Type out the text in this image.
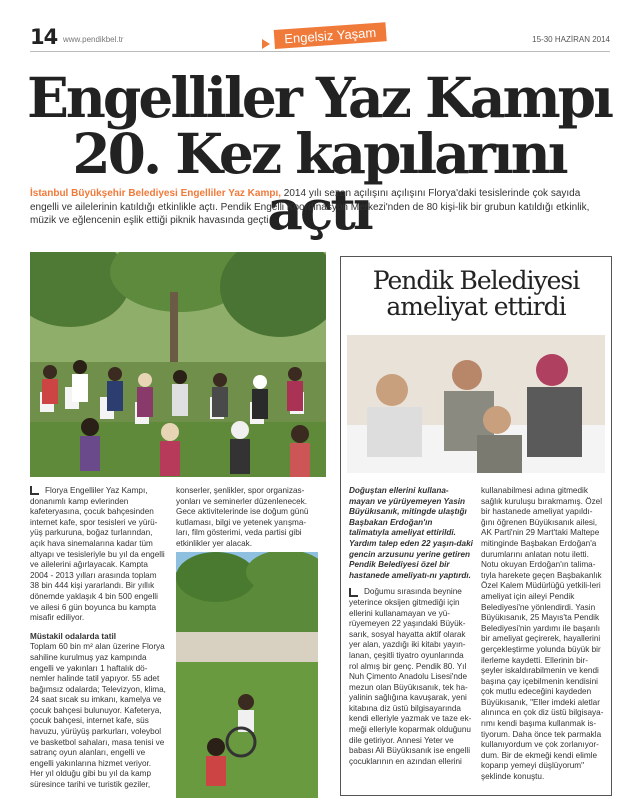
14 www.pendikbel.tr	Engelsiz Yaşam	15-30 HAZİRAN 2014
Engelliler Yaz Kampı
20. Kez kapılarını açtı
İstanbul Büyükşehir Belediyesi Engelliler Yaz Kampı, 2014 yılı sezon açılışını açılışını Florya'daki tesislerinde çok sayıda engelli ve ailelerinin katıldığı etkinlikle açtı. Pendik Engelli Koordinasyon Merkezi'nden de 80 kişi-lik bir grubun katıldığı etkinlik, müzik ve eğlencenin eşlik ettiği piknik havasında geçti.
Pendik Belediyesi
ameliyat ettirdi

Florya Engelliler Yaz Kampı, donanımlı kamp evlerinden kafeteryasına, çocuk bahçesinden internet kafe, spor tesisleri ve yürü-yüş parkuruna, boğaz turlarından, açık hava sinemalarına kadar tüm altyapı ve tesisleriyle bu yıl da engelli ve ailelerini ağırlayacak. Kampta 2004 - 2013 yılları arasında toplam 38 bin 444 kişi yararlandı. Bir yıllık dönemde yaklaşık 4 bin 500 engelli ve ailesi 6 gün boyunca bu kampta misafir ediliyor.

Müstakil odalarda tatil

Toplam 60 bin m² alan üzerine Florya sahiline kurulmuş yaz kampında engelli ve yakınları 1 haftalık dö-nemler halinde tatil yapıyor. 55 adet bağımsız odalarda; Televizyon, klima, 24 saat sıcak su imkanı, kamelya ve çocuk bahçesi bulunuyor. Kafeterya, çocuk bahçesi, internet kafe, süs havuzu, yürüyüş parkurları, voleybol ve basketbol sahaları, masa tenisi ve satranç oyun alanları, engelli ve engelli yakınlarına hizmet veriyor. Her yıl olduğu gibi bu yıl da kamp süresince tarihi ve turistik geziler,

konserler, şenlikler, spor organizas-yonları ve seminerler düzenlenecek. Gece aktivitelerinde ise doğum günü kutlaması, bilgi ve yetenek yarışma-ları, film gösterimi, veda partisi gibi etkinlikler yer alacak.

Doğuştan ellerini kullana-mayan ve yürüyemeyen Yasin Büyükısanık, mitingde ulaştığı Başbakan Erdoğan'ın talimatıyla ameliyat ettirildi. Yardım talep eden 22 yaşın-daki gencin arzusunu yerine getiren Pendik Belediyesi özel bir hastanede ameliyatı-nı yaptırdı.

Doğumu sırasında beynine yeterince oksijen gitmediği için ellerini kullanamayan ve yü-rüyemeyen 22 yaşındaki Büyük-sarık, sosyal hayatta aktif olarak yer alan, yazdığı iki kitabı yayın-lanan, çeşitli tiyatro oyunlarında rol almış bir genç. Pendik 80. Yıl Nuh Çimento Anadolu Lisesi'nde mezun olan Büyükısanık, tek ha-yalinin sağlığına kavuşarak, yeni kitabına diz üstü bilgisayarında kendi elleriyle yazmak ve taze ek-meği elleriyle koparmak olduğunu dile getiriyor. Annesi Yeter ve babası Ali Büyükısanık ise engelli çocuklarının en azından ellerini

kullanabilmesi adına gitmedik sağlık kuruluşu bırakmamış. Özel bir hastanede ameliyat yapıldı-ğını öğrenen Büyükısanık ailesi, AK Parti'nin 29 Mart'taki Maltepe mitinginde Başbakan Erdoğan'a durumlarını anlatan notu iletti. Notu okuyan Erdoğan'ın talima-tıyla harekete geçen Başbakanlık Özel Kalem Müdürlüğü yetkili-leri ameliyat için aileyi Pendik Belediyesi'ne yönlendirdi. Yasin Büyükısanık, 25 Mayıs'ta Pendik Belediyesi'nin yardımı ile başarılı bir ameliyat geçirerek, hayallerini gerçekleştirme yolunda büyük bir ilerleme kaydetti. Ellerinin bir-şeyler iskaldırabilmenin ve kendi başına çay içebilmenin kendisini çok mutlu edeceğini kaydeden Büyükısanık, "Eller imdeki aletlar alınınca en çok diz üstü bilgisaya-rımı kendi başıma kullanmak is-tiyorum. Daha önce tek parmakla kullanıyordum ve çok zorlanıyor-dum. Bir de ekmeği kendi elimle koparıp yemeyi düşlüyorum" şeklinde konuştu.
